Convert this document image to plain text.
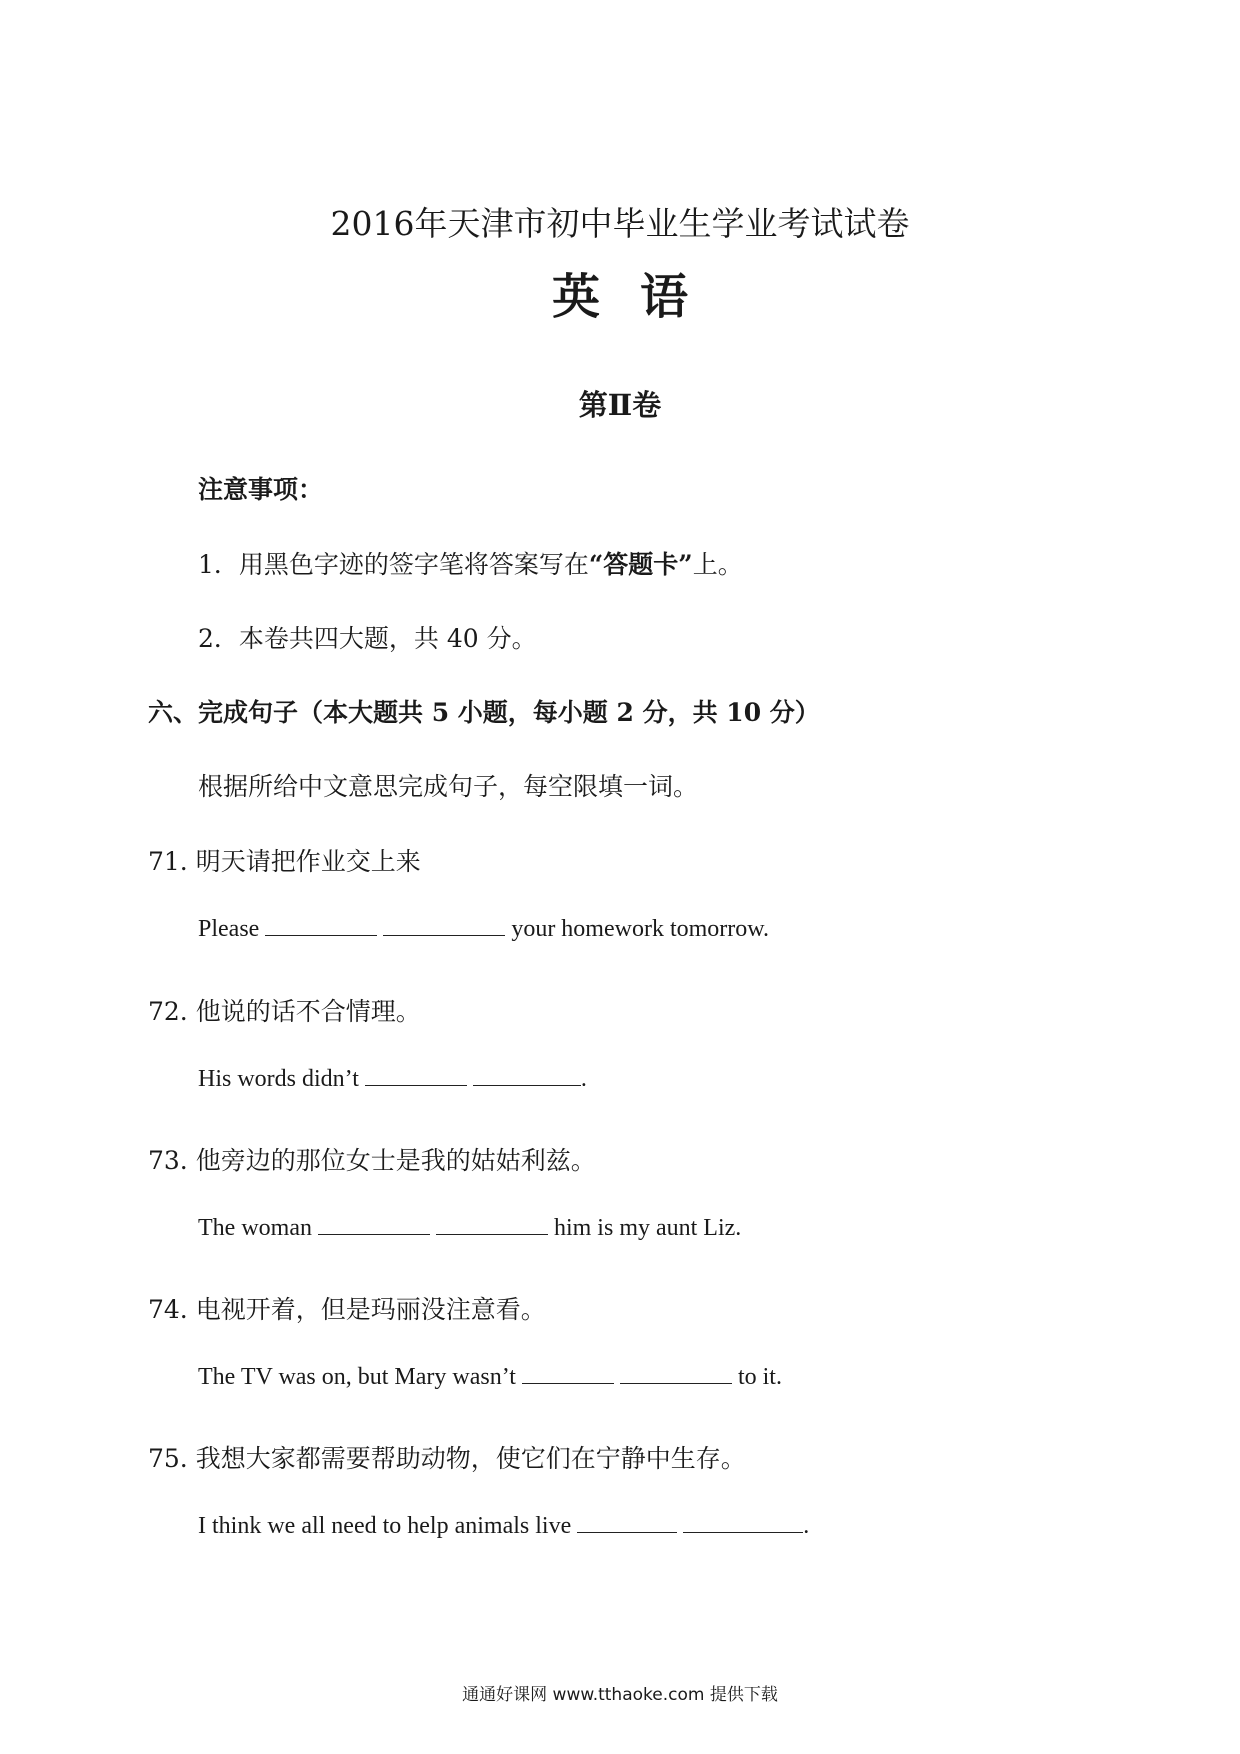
2016年天津市初中毕业生学业考试试卷
英语
第Ⅱ卷
注意事项：
1．用黑色字迹的签字笔将答案写在“答题卡”上。
2．本卷共四大题，共 40 分。
六、完成句子（本大题共 5 小题，每小题 2 分，共 10 分）
根据所给中文意思完成句子，每空限填一词。
71. 明天请把作业交上来
Please	your homework tomorrow.
72. 他说的话不合情理。
His words didn’t	.
73. 他旁边的那位女士是我的姑姑利兹。
The woman	him is my aunt Liz.
74. 电视开着，但是玛丽没注意看。
The TV was on, but Mary wasn’t	to it.
75. 我想大家都需要帮助动物，使它们在宁静中生存。
I think we all need to help animals live	.
通通好课网 www.tthaoke.com 提供下载
